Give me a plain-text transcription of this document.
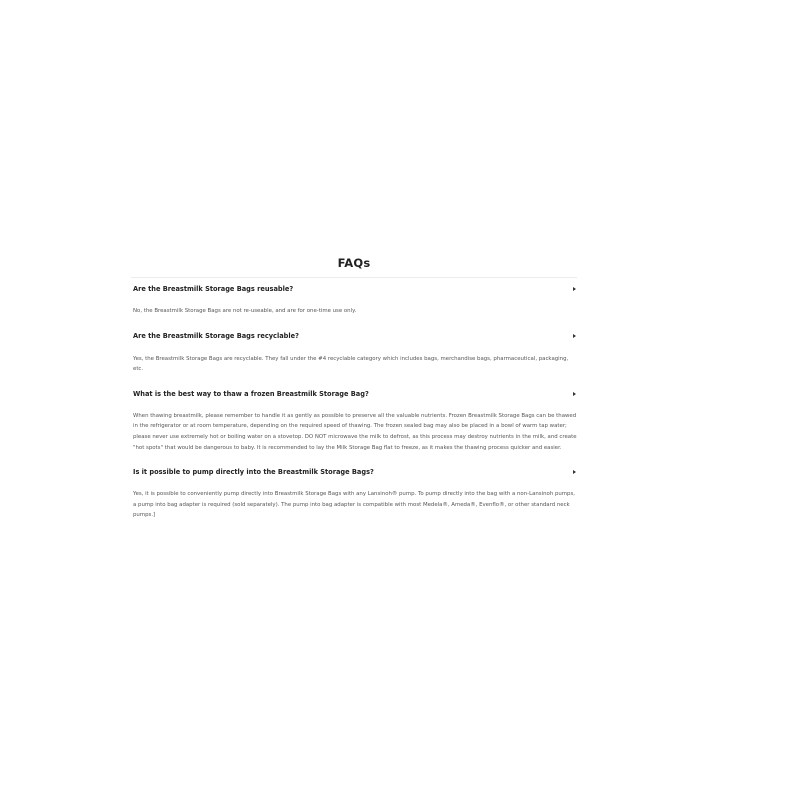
FAQs
Are the Breastmilk Storage Bags reusable?

No, the Breastmilk Storage Bags are not re-useable, and are for one-time use only.

Are the Breastmilk Storage Bags recyclable?

Yes, the Breastmilk Storage Bags are recyclable. They fall under the #4 recyclable category which includes bags, merchandise bags, pharmaceutical, packaging, etc.

What is the best way to thaw a frozen Breastmilk Storage Bag?

When thawing breastmilk, please remember to handle it as gently as possible to preserve all the valuable nutrients. Frozen Breastmilk Storage Bags can be thawed in the refrigerator or at room temperature, depending on the required speed of thawing. The frozen sealed bag may also be placed in a bowl of warm tap water; please never use extremely hot or boiling water on a stovetop. DO NOT microwave the milk to defrost, as this process may destroy nutrients in the milk, and create "hot spots" that would be dangerous to baby. It is recommended to lay the Milk Storage Bag flat to freeze, as it makes the thawing process quicker and easier.

Is it possible to pump directly into the Breastmilk Storage Bags?

Yes, it is possible to conveniently pump directly into Breastmilk Storage Bags with any Lansinoh® pump. To pump directly into the bag with a non-Lansinoh pumps, a pump into bag adapter is required (sold separately). The pump into bag adapter is compatible with most Medela®, Ameda®, Evenflo®, or other standard neck pumps.]
